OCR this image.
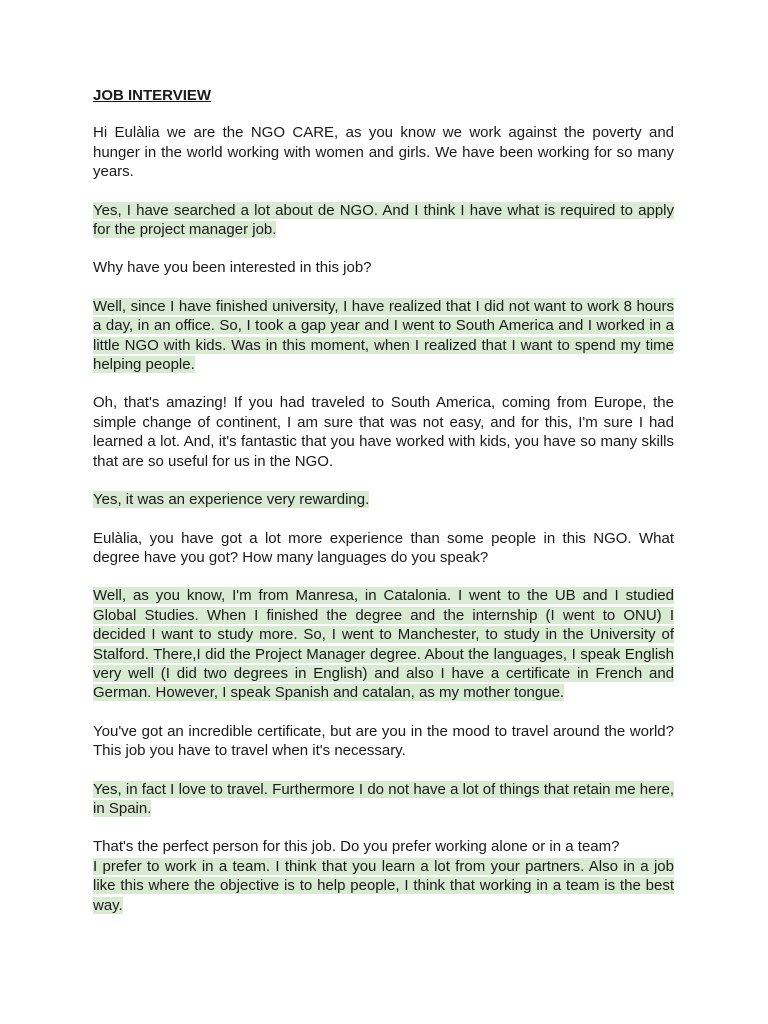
JOB INTERVIEW
Hi Eulàlia we are the NGO CARE, as you know we work against the poverty and hunger in the world working with women and girls. We have been working for so many years.
Yes, I have searched a lot about de NGO. And I think I have what is required to apply for the project manager job.
Why have you been interested in this job?
Well, since I have finished university, I have realized that I did not want to work 8 hours a day, in an office. So, I took a gap year and I went to South America and I worked in a little NGO with kids. Was in this moment, when I realized that I want to spend my time helping people.
Oh, that's amazing! If you had traveled to South America, coming from Europe, the simple change of continent, I am sure that was not easy, and for this, I'm sure I had learned a lot. And, it's fantastic that you have worked with kids, you have so many skills that are so useful for us in the NGO.
Yes, it was an experience very rewarding.
Eulàlia, you have got a lot more experience than some people in this NGO. What degree have you got? How many languages do you speak?
Well, as you know, I'm from Manresa, in Catalonia. I went to the UB and I studied Global Studies. When I finished the degree and the internship (I went to ONU) I decided I want to study more. So, I went to Manchester, to study in the University of Stalford. There,I did the Project Manager degree. About the languages, I speak English very well (I did two degrees in English) and also I have a certificate in French and German. However, I speak Spanish and catalan, as my mother tongue.
You've got an incredible certificate, but are you in the mood to travel around the world? This job you have to travel when it's necessary.
Yes, in fact I love to travel. Furthermore I do not have a lot of things that retain me here, in Spain.
That's the perfect person for this job. Do you prefer working alone or in a team?
I prefer to work in a team. I think that you learn a lot from your partners. Also in a job like this where the objective is to help people, I think that working in a team is the best way.
